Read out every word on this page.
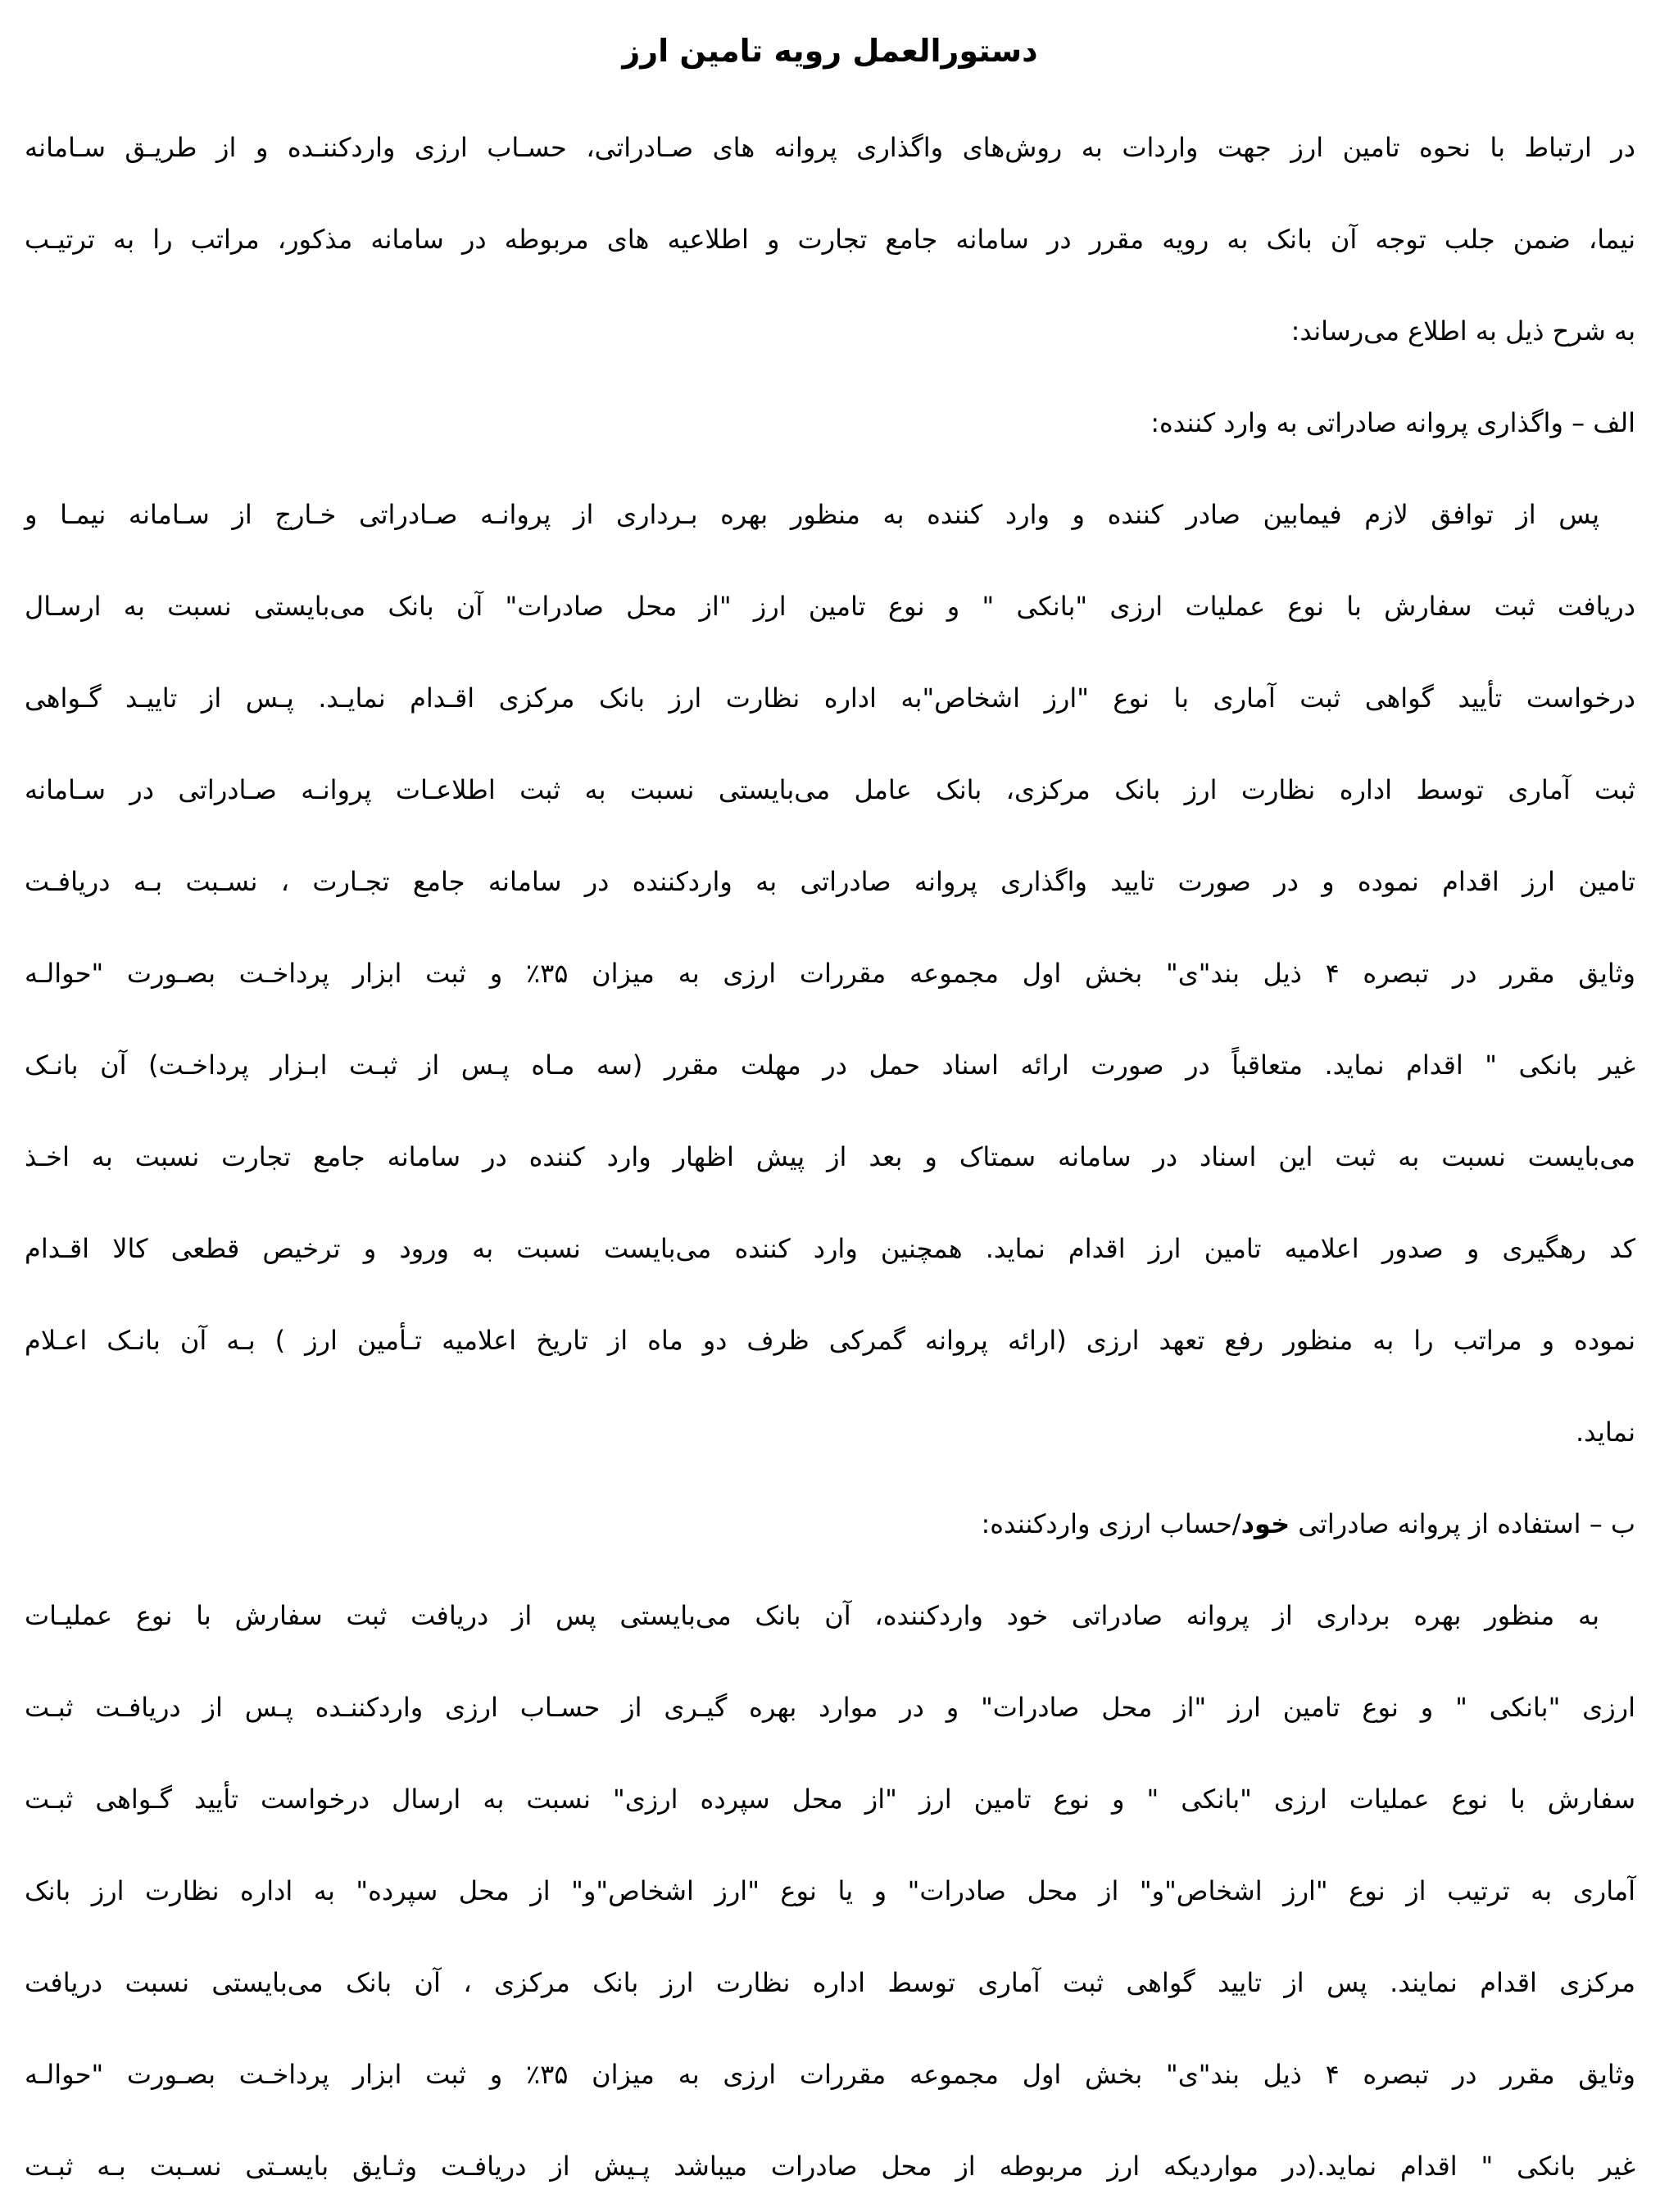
دستورالعمل رویه تامین ارز
در ارتباط با نحوه تامین ارز جهت واردات به روش‌های واگذاری پروانه های صـادراتی، حسـاب ارزی واردکننـده و از طریـق سـامانه
نیما، ضمن جلب توجه آن بانک به رویه مقرر در سامانه جامع تجارت و اطلاعیه های مربوطه در سامانه مذکور، مراتب را به ترتیـب
به شرح ذیل به اطلاع می‌رساند:
الف – واگذاری پروانه صادراتی به وارد کننده:
پس از توافق لازم فیمابین صادر کننده و وارد کننده به منظور بهره بـرداری از پروانـه صـادراتی خـارج از سـامانه نیمـا و
دریافت ثبت سفارش با نوع عملیات ارزی "بانکی " و نوع تامین ارز "از محل صادرات" آن بانک می‌بایستی نسبت به ارسـال
درخواست تأیید گواهی ثبت آماری با نوع "ارز اشخاص"به اداره نظارت ارز بانک مرکزی اقـدام نمایـد. پـس از تاییـد گـواهی
ثبت آماری توسط اداره نظارت ارز بانک مرکزی، بانک عامل می‌بایستی نسبت به ثبت اطلاعـات پروانـه صـادراتی در سـامانه
تامین ارز اقدام نموده و در صورت تایید واگذاری پروانه صادراتی به واردکننده در سامانه جامع تجـارت ، نسـبت بـه دریافـت
وثایق مقرر در تبصره ۴ ذیل بند"ی" بخش اول مجموعه مقررات ارزی به میزان ۳۵٪ و ثبت ابزار پرداخـت بصـورت "حوالـه
غیر بانکی " اقدام نماید. متعاقباً در صورت ارائه اسناد حمل در مهلت مقرر (سه مـاه پـس از ثبـت ابـزار پرداخـت) آن بانـک
می‌بایست نسبت به ثبت این اسناد در سامانه سمتاک و بعد از پیش اظهار وارد کننده در سامانه جامع تجارت نسبت به اخـذ
کد رهگیری و صدور اعلامیه تامین ارز اقدام نماید. همچنین وارد کننده می‌بایست نسبت به ورود و ترخیص قطعی کالا اقـدام
نموده و مراتب را به منظور رفع تعهد ارزی (ارائه پروانه گمرکی ظرف دو ماه از تاریخ اعلامیه تـأمین ارز ) بـه آن بانـک اعـلام
نماید.
ب – استفاده از پروانه صادراتی خود/حساب ارزی واردکننده:
به منظور بهره برداری از پروانه صادراتی خود واردکننده، آن بانک می‌بایستی پس از دریافت ثبت سفارش با نوع عملیـات
ارزی "بانکی " و نوع تامین ارز "از محل صادرات" و در موارد بهره گیـری از حسـاب ارزی واردکننـده پـس از دریافـت ثبـت
سفارش با نوع عملیات ارزی "بانکی " و نوع تامین ارز "از محل سپرده ارزی" نسبت به ارسال درخواست تأیید گـواهی ثبـت
آماری به ترتیب از نوع "ارز اشخاص"و" از محل صادرات" و یا نوع "ارز اشخاص"و" از محل سپرده" به اداره نظارت ارز بانک
مرکزی اقدام نمایند. پس از تایید گواهی ثبت آماری توسط اداره نظارت ارز بانک مرکزی ، آن بانک می‌بایستی نسبت دریافت
وثایق مقرر در تبصره ۴ ذیل بند"ی" بخش اول مجموعه مقررات ارزی به میزان ۳۵٪ و ثبت ابزار پرداخـت بصـورت "حوالـه
غیر بانکی " اقدام نماید.(در مواردیکه ارز مربوطه از محل صادرات میباشد پـیش از دریافـت وثـایق بایسـتی نسـبت بـه ثبـت
